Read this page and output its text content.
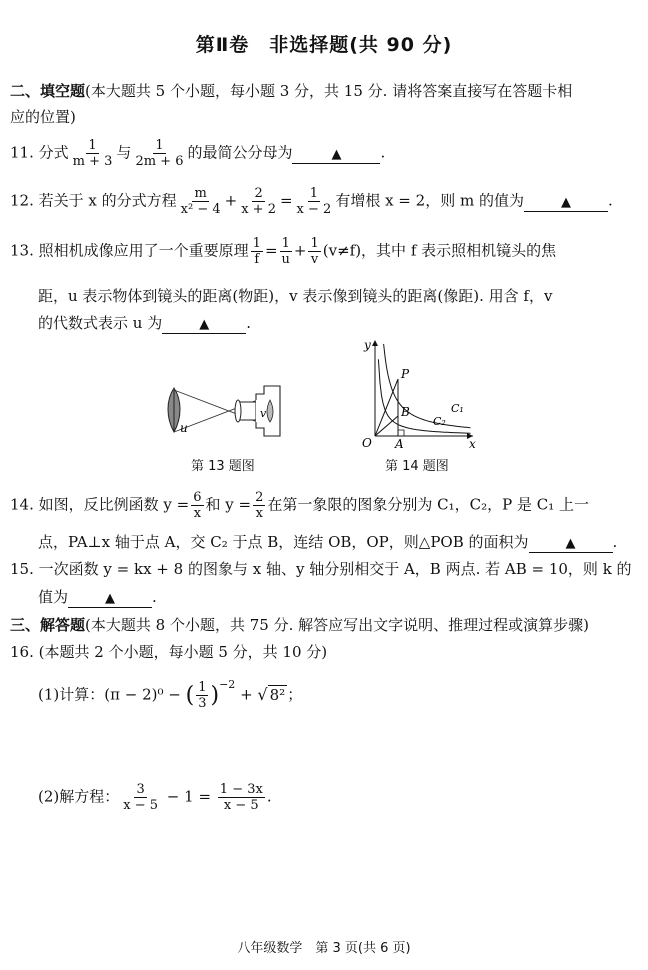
第Ⅱ卷　非选择题(共 90 分)
二、填空题(本大题共 5 个小题，每小题 3 分，共 15 分. 请将答案直接写在答题卡相
应的位置)
11. 分式 $\frac{1}{m + 3}$ 与 $\frac{1}{2m + 6}$ 的最简公分母为	▲	.
12. 若关于 x 的分式方程 $\frac{m}{\text{x² − 4}} + \frac{2}{x + 2} = \frac{1}{x - 2}$ 有增根 x = 2，则 m 的值为	▲ .
13. 照相机成像应用了一个重要原理 $\frac{1}{f} = \frac{1}{u} + \frac{1}{v} (v\ne f)$，其中 f 表示照相机镜头的焦
距，u 表示物体到镜头的距离(物距)，v 表示像到镜头的距离(像距). 用含 f，v
的代数式表示 u 为	▲ .
u
v
第 13 题图
y
x
O A
B
P
C₁
C₂
第 14 题图
14. 如图，反比例函数 $y = \frac{6}{x}$ 和 $y = \frac{2}{x}$ 在第一象限的图象分别为 C₁，C₂，P 是 C₁ 上一
点，PA⊥x 轴于点 A，交 C₂ 于点 B，连结 OB，OP，则△POB 的面积为	▲ .
15. 一次函数 y = kx + 8 的图象与 x 轴、y 轴分别相交于 A，B 两点. 若 AB = 10，则 k 的
值为	▲ .
三、解答题(本大题共 8 个小题，共 75 分. 解答应写出文字说明、推理过程或演算步骤)
16. (本题共 2 个小题，每小题 5 分，共 10 分)
(1)计算：(π − 2)⁰ − ( $\frac{1}{3} )^{-2}$ + √ 8² ；
(2)解方程： $\frac{3}{x - 5} - 1 = \frac{1 - 3x}{x - 5}$ .
八年级数学　第 3 页(共 6 页)
